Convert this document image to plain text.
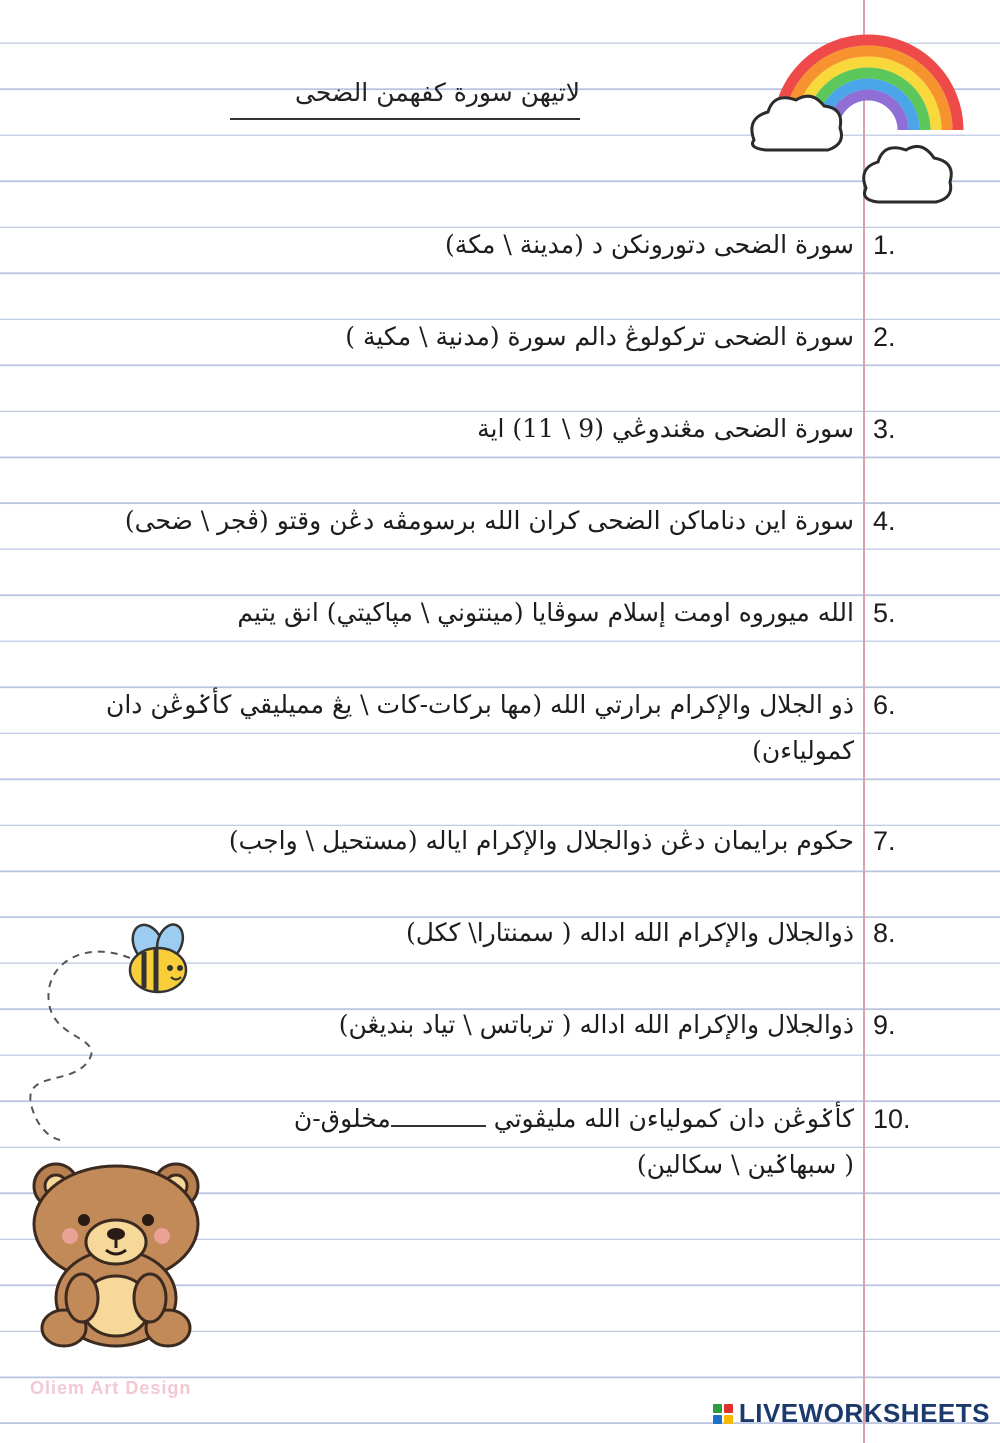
لاتيهن سورة كفهمن الضحى
1.
سورة الضحى دتورونكن د (مدينة \ مكة)
2.
سورة الضحى تركولوڠ دالم سورة (مدنية \ مكية )
3.
سورة الضحى مڠندوڠي (9 \ 11) اية
4.
سورة اين دناماكن الضحى كران الله برسومڤه دڠن وقتو (ڤجر \ ضحى)
5.
الله ميوروه اومت إسلام سوڤايا (مينتوني \ مڽاكيتي) انق يتيم
6.
ذو الجلال والإكرام برارتي الله (مها بركات-كات \ يڠ مميليقي كأݢوڠن دان كمولياءن)
7.
حكوم برايمان دڠن ذوالجلال والإكرام اياله (مستحيل \ واجب)
8.
ذوالجلال والإكرام الله اداله ( سمنتارا\ ككل)
9.
ذوالجلال والإكرام الله اداله ( ترباتس \ تياد بنديڠن)
10.
كأݢوڠن دان كمولياءن الله مليڤوتي مخلوق-ڽ
( سبهاݢين \ سكالين)
Oliem Art Design
LIVEWORKSHEETS
